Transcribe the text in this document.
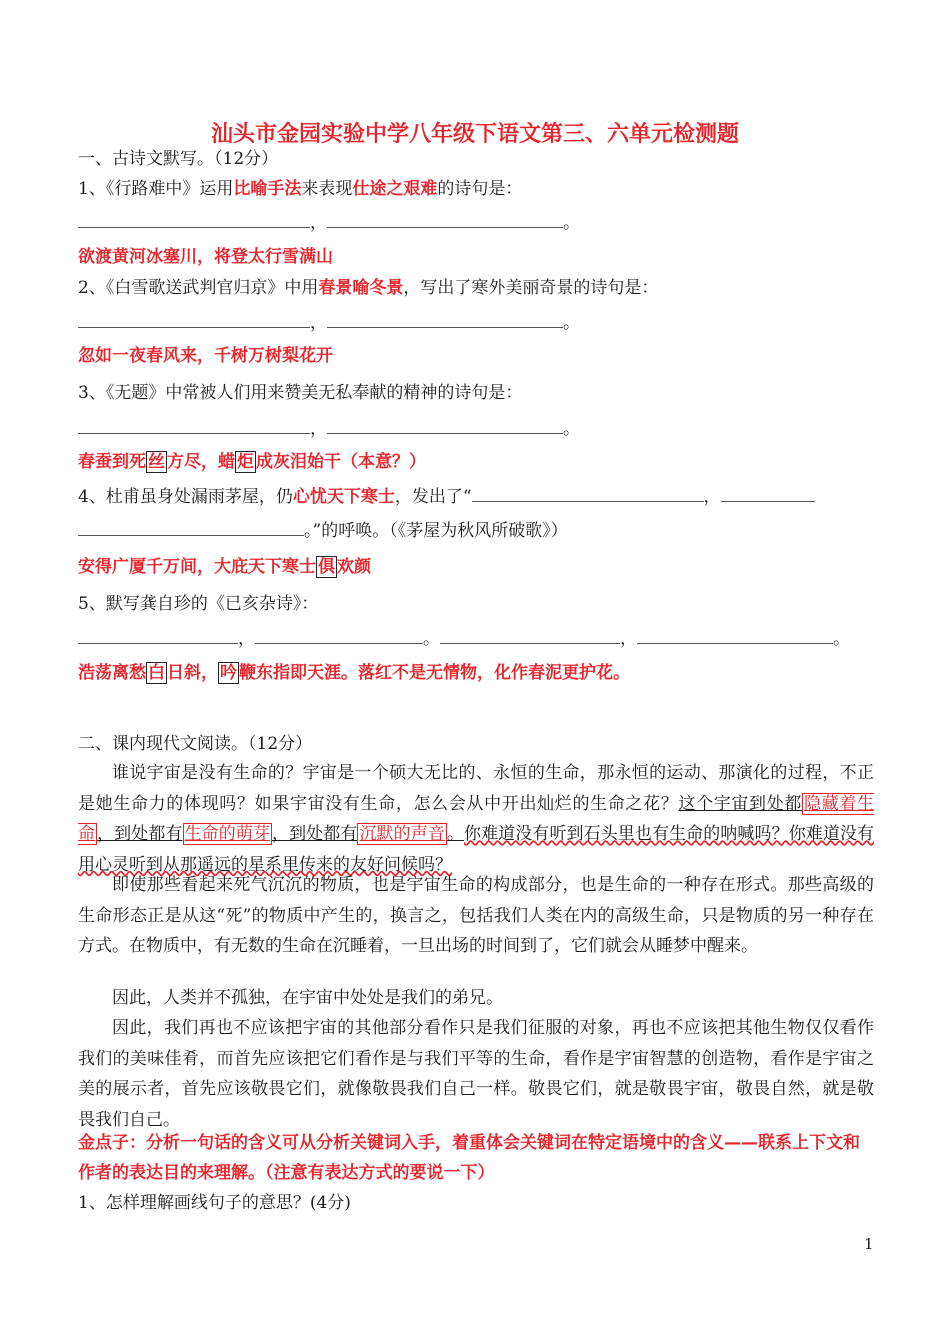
汕头市金园实验中学八年级下语文第三、六单元检测题
一、古诗文默写。（12分）
1、《行路难中》运用比喻手法来表现仕途之艰难的诗句是：
，	。
欲渡黄河冰塞川，将登太行雪满山
2、《白雪歌送武判官归京》中用春景喻冬景，写出了寒外美丽奇景的诗句是：
，	。
忽如一夜春风来，千树万树梨花开
3、《无题》中常被人们用来赞美无私奉献的精神的诗句是：
，	。
春蚕到死 丝 方尽，蜡 炬 成灰泪始干（本意？）
4、杜甫虽身处漏雨茅屋，仍心忧天下寒士，发出了“	，
。”的呼唤。（《茅屋为秋风所破歌》）
安得广厦千万间，大庇天下寒士 俱 欢颜
5、默写龚自珍的《已亥杂诗》：
，	。	，	。
浩荡离愁 白 日斜， 吟 鞭东指即天涯。落红不是无情物，化作春泥更护花。
二、课内现代文阅读。（12分）
谁说宇宙是没有生命的？宇宙是一个硕大无比的、永恒的生命，那永恒的运动、那演化的过程，不正是她生命力的体现吗？如果宇宙没有生命，怎么会从中开出灿烂的生命之花？这个宇宙到处都 隐藏着生命 ，到处都有 生命的萌芽 ，到处都有 沉默的声音 。你难道没有听到石头里也有生命的呐喊吗？你难道没有用心灵听到从那遥远的星系里传来的友好问候吗？
即使那些看起来死气沉沉的物质，也是宇宙生命的构成部分，也是生命的一种存在形式。那些高级的生命形态正是从这“死”的物质中产生的，换言之，包括我们人类在内的高级生命，只是物质的另一种存在方式。在物质中，有无数的生命在沉睡着，一旦出场的时间到了，它们就会从睡梦中醒来。
因此，人类并不孤独，在宇宙中处处是我们的弟兄。
因此，我们再也不应该把宇宙的其他部分看作只是我们征服的对象，再也不应该把其他生物仅仅看作我们的美味佳肴，而首先应该把它们看作是与我们平等的生命，看作是宇宙智慧的创造物，看作是宇宙之美的展示者，首先应该敬畏它们，就像敬畏我们自己一样。敬畏它们，就是敬畏宇宙，敬畏自然，就是敬畏我们自己。
金点子：分析一句话的含义可从分析关键词入手，着重体会关键词在特定语境中的含义——联系上下文和作者的表达目的来理解。（注意有表达方式的要说一下）
1、怎样理解画线句子的意思？(4分)
1
